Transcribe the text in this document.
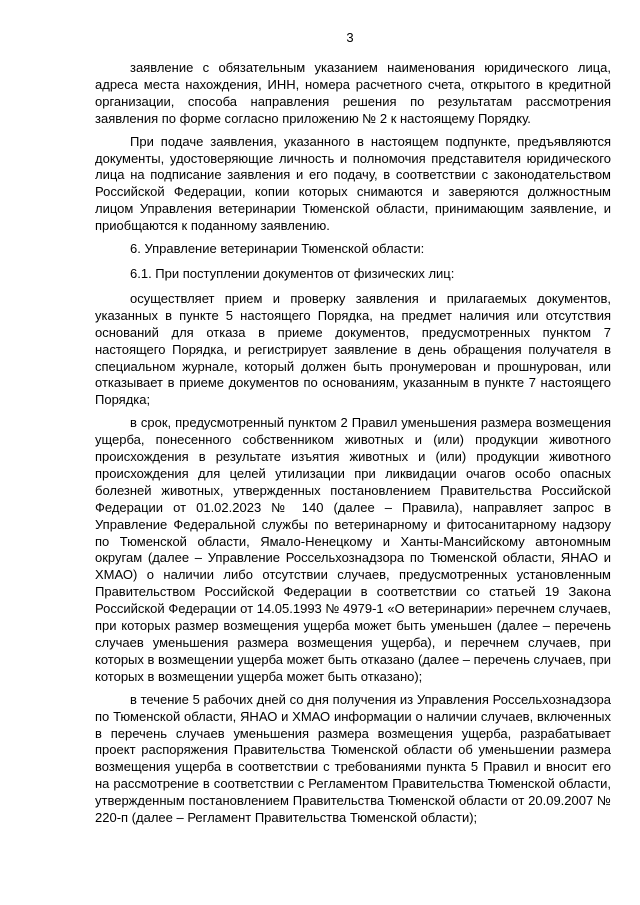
3

заявление с обязательным указанием наименования юридического лица, адреса места нахождения, ИНН, номера расчетного счета, открытого в кредитной организации, способа направления решения по результатам рассмотрения заявления по форме согласно приложению № 2 к настоящему Порядку.

При подаче заявления, указанного в настоящем подпункте, предъявляются документы, удостоверяющие личность и полномочия представителя юридического лица на подписание заявления и его подачу, в соответствии с законодательством Российской Федерации, копии которых снимаются и заверяются должностным лицом Управления ветеринарии Тюменской области, принимающим заявление, и приобщаются к поданному заявлению.

6. Управление ветеринарии Тюменской области:

6.1. При поступлении документов от физических лиц:

осуществляет прием и проверку заявления и прилагаемых документов, указанных в пункте 5 настоящего Порядка, на предмет наличия или отсутствия оснований для отказа в приеме документов, предусмотренных пунктом 7 настоящего Порядка, и регистрирует заявление в день обращения получателя в специальном журнале, который должен быть пронумерован и прошнурован, или отказывает в приеме документов по основаниям, указанным в пункте 7 настоящего Порядка;

в срок, предусмотренный пунктом 2 Правил уменьшения размера возмещения ущерба, понесенного собственником животных и (или) продукции животного происхождения в результате изъятия животных и (или) продукции животного происхождения для целей утилизации при ликвидации очагов особо опасных болезней животных, утвержденных постановлением Правительства Российской Федерации от 01.02.2023 № 140 (далее – Правила), направляет запрос в Управление Федеральной службы по ветеринарному и фитосанитарному надзору по Тюменской области, Ямало-Ненецкому и Ханты-Мансийскому автономным округам (далее – Управление Россельхознадзора по Тюменской области, ЯНАО и ХМАО) о наличии либо отсутствии случаев, предусмотренных установленным Правительством Российской Федерации в соответствии со статьей 19 Закона Российской Федерации от 14.05.1993 № 4979-1 «О ветеринарии» перечнем случаев, при которых размер возмещения ущерба может быть уменьшен (далее – перечень случаев уменьшения размера возмещения ущерба), и перечнем случаев, при которых в возмещении ущерба может быть отказано (далее – перечень случаев, при которых в возмещении ущерба может быть отказано);

в течение 5 рабочих дней со дня получения из Управления Россельхознадзора по Тюменской области, ЯНАО и ХМАО информации о наличии случаев, включенных в перечень случаев уменьшения размера возмещения ущерба, разрабатывает проект распоряжения Правительства Тюменской области об уменьшении размера возмещения ущерба в соответствии с требованиями пункта 5 Правил и вносит его на рассмотрение в соответствии с Регламентом Правительства Тюменской области, утвержденным постановлением Правительства Тюменской области от 20.09.2007 № 220-п (далее – Регламент Правительства Тюменской области);
